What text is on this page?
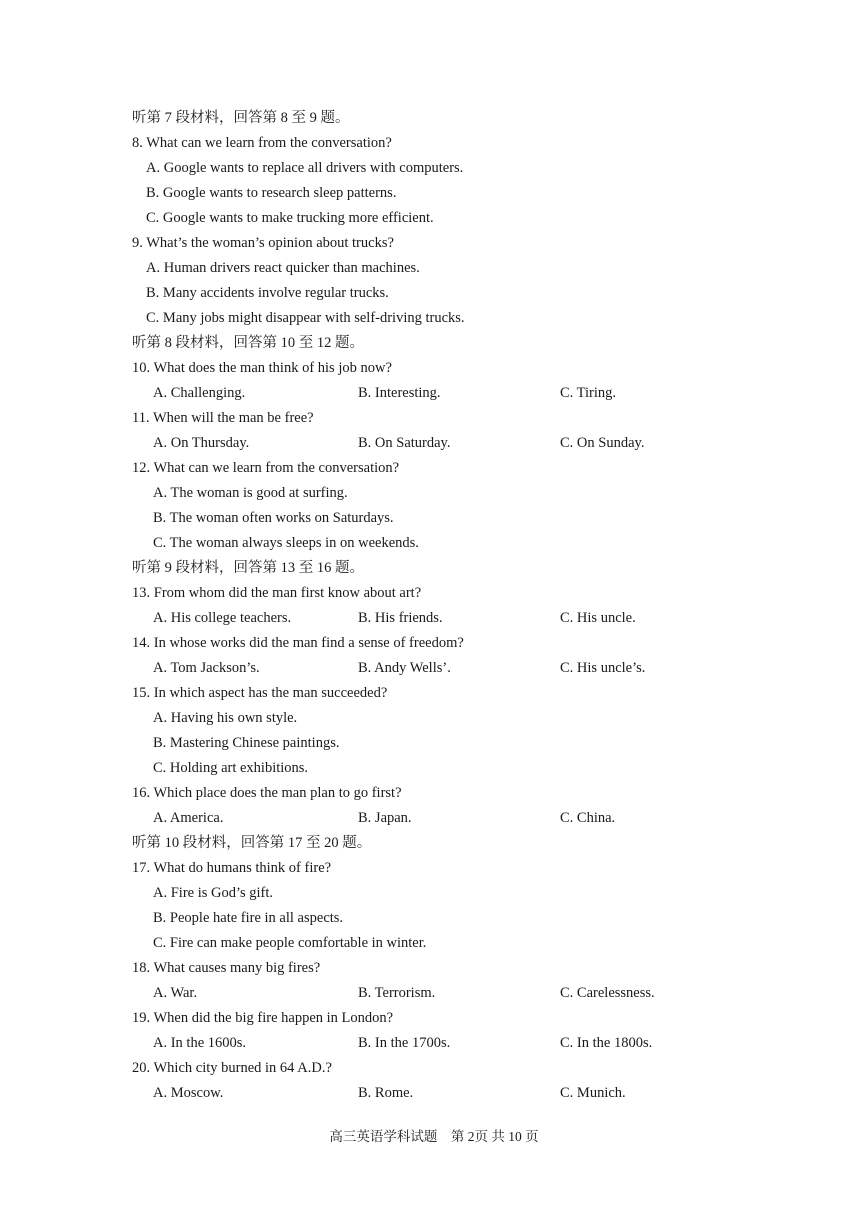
听第 7 段材料，回答第 8 至 9 题。
8. What can we learn from the conversation?
A. Google wants to replace all drivers with computers.
B. Google wants to research sleep patterns.
C. Google wants to make trucking more efficient.
9. What’s the woman’s opinion about trucks?
A. Human drivers react quicker than machines.
B. Many accidents involve regular trucks.
C. Many jobs might disappear with self-driving trucks.
听第 8 段材料，回答第 10 至 12 题。
10. What does the man think of his job now?
A. Challenging.	B. Interesting.	C. Tiring.
11. When will the man be free?
A. On Thursday.	B. On Saturday.	C. On Sunday.
12. What can we learn from the conversation?
A. The woman is good at surfing.
B. The woman often works on Saturdays.
C. The woman always sleeps in on weekends.
听第 9 段材料，回答第 13 至 16 题。
13. From whom did the man first know about art?
A. His college teachers.	B. His friends.	C. His uncle.
14. In whose works did the man find a sense of freedom?
A. Tom Jackson’s.	B. Andy Wells’.	C. His uncle’s.
15. In which aspect has the man succeeded?
A. Having his own style.
B. Mastering Chinese paintings.
C. Holding art exhibitions.
16. Which place does the man plan to go first?
A. America.	B. Japan.	C. China.
听第 10 段材料，回答第 17 至 20 题。
17. What do humans think of fire?
A. Fire is God’s gift.
B. People hate fire in all aspects.
C. Fire can make people comfortable in winter.
18. What causes many big fires?
A. War.	B. Terrorism.	C. Carelessness.
19. When did the big fire happen in London?
A. In the 1600s.	B. In the 1700s.	C. In the 1800s.
20. Which city burned in 64 A.D.?
A. Moscow.	B. Rome.	C. Munich.
高三英语学科试题　第 2页 共 10 页
